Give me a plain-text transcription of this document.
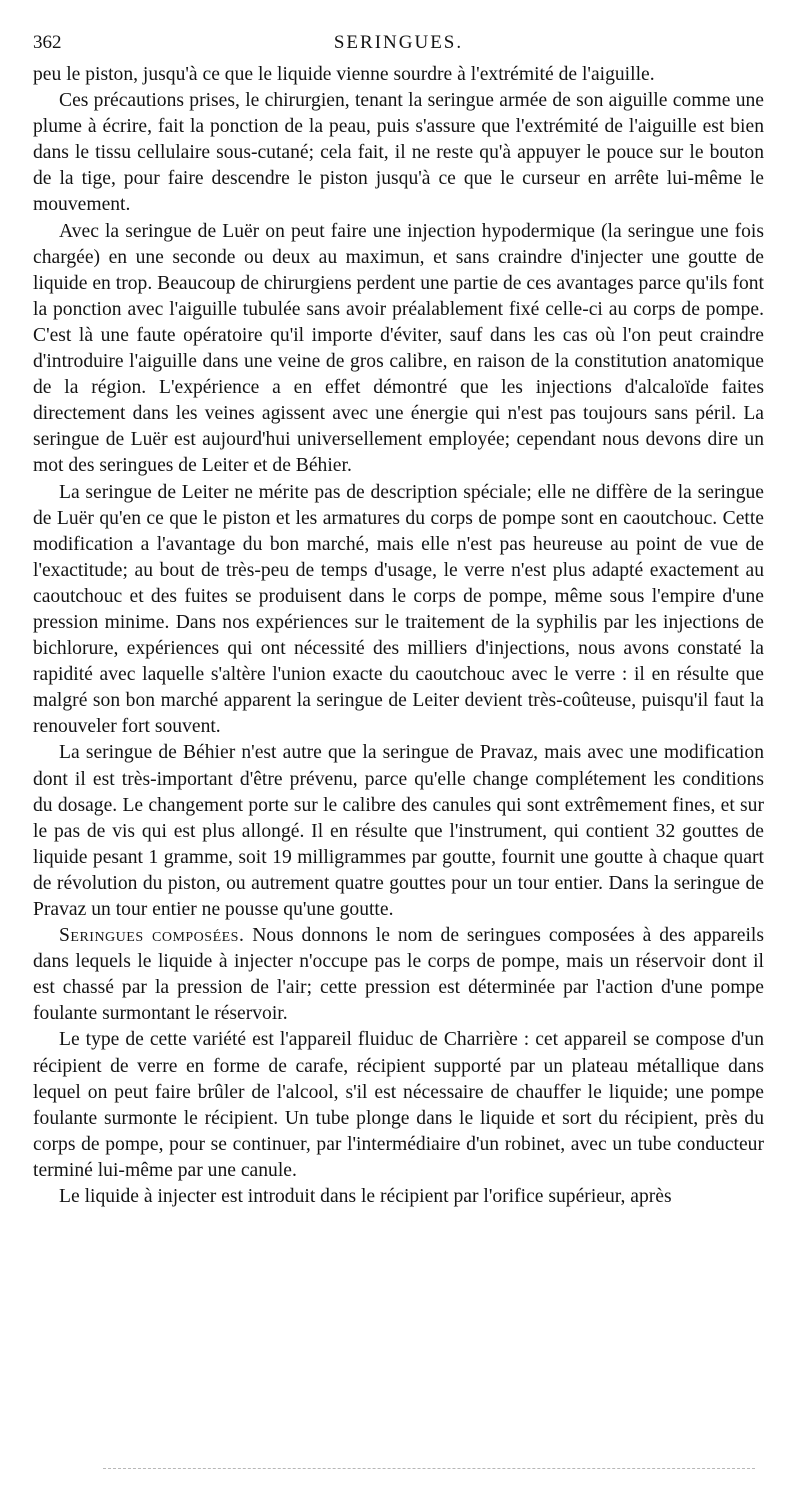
362	SERINGUES.

peu le piston, jusqu'à ce que le liquide vienne sourdre à l'extrémité de l'aiguille.

Ces précautions prises, le chirurgien, tenant la seringue armée de son aiguille comme une plume à écrire, fait la ponction de la peau, puis s'assure que l'extrémité de l'aiguille est bien dans le tissu cellulaire sous-cutané; cela fait, il ne reste qu'à appuyer le pouce sur le bouton de la tige, pour faire descendre le piston jusqu'à ce que le curseur en arrête lui-même le mouvement.

Avec la seringue de Luër on peut faire une injection hypodermique (la seringue une fois chargée) en une seconde ou deux au maximun, et sans craindre d'injecter une goutte de liquide en trop. Beaucoup de chirurgiens perdent une partie de ces avantages parce qu'ils font la ponction avec l'aiguille tubulée sans avoir préalablement fixé celle-ci au corps de pompe. C'est là une faute opératoire qu'il importe d'éviter, sauf dans les cas où l'on peut craindre d'introduire l'aiguille dans une veine de gros calibre, en raison de la constitution anatomique de la région. L'expérience a en effet démontré que les injections d'alcaloïde faites directement dans les veines agissent avec une énergie qui n'est pas toujours sans péril. La seringue de Luër est aujourd'hui universellement employée; cependant nous devons dire un mot des seringues de Leiter et de Béhier.

La seringue de Leiter ne mérite pas de description spéciale; elle ne diffère de la seringue de Luër qu'en ce que le piston et les armatures du corps de pompe sont en caoutchouc. Cette modification a l'avantage du bon marché, mais elle n'est pas heureuse au point de vue de l'exactitude; au bout de très-peu de temps d'usage, le verre n'est plus adapté exactement au caoutchouc et des fuites se produisent dans le corps de pompe, même sous l'empire d'une pression minime. Dans nos expériences sur le traitement de la syphilis par les injections de bichlorure, expériences qui ont nécessité des milliers d'injections, nous avons constaté la rapidité avec laquelle s'altère l'union exacte du caoutchouc avec le verre : il en résulte que malgré son bon marché apparent la seringue de Leiter devient très-coûteuse, puisqu'il faut la renouveler fort souvent.

La seringue de Béhier n'est autre que la seringue de Pravaz, mais avec une modification dont il est très-important d'être prévenu, parce qu'elle change complétement les conditions du dosage. Le changement porte sur le calibre des canules qui sont extrêmement fines, et sur le pas de vis qui est plus allongé. Il en résulte que l'instrument, qui contient 32 gouttes de liquide pesant 1 gramme, soit 19 milligrammes par goutte, fournit une goutte à chaque quart de révolution du piston, ou autrement quatre gouttes pour un tour entier. Dans la seringue de Pravaz un tour entier ne pousse qu'une goutte.

Seringues composées. Nous donnons le nom de seringues composées à des appareils dans lequels le liquide à injecter n'occupe pas le corps de pompe, mais un réservoir dont il est chassé par la pression de l'air; cette pression est déterminée par l'action d'une pompe foulante surmontant le réservoir.

Le type de cette variété est l'appareil fluiduc de Charrière : cet appareil se compose d'un récipient de verre en forme de carafe, récipient supporté par un plateau métallique dans lequel on peut faire brûler de l'alcool, s'il est nécessaire de chauffer le liquide; une pompe foulante surmonte le récipient. Un tube plonge dans le liquide et sort du récipient, près du corps de pompe, pour se continuer, par l'intermédiaire d'un robinet, avec un tube conducteur terminé lui-même par une canule.

Le liquide à injecter est introduit dans le récipient par l'orifice supérieur, après
